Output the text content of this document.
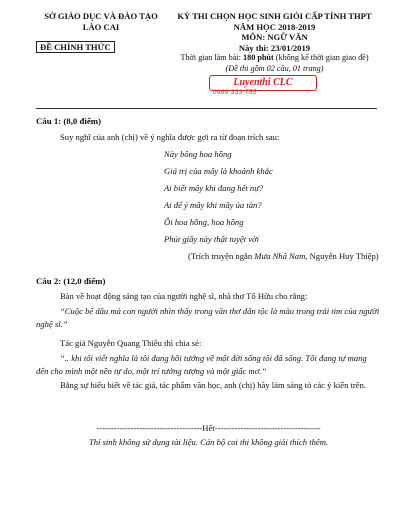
SỞ GIÁO DỤC VÀ ĐÀO TẠO
LÀO CAI
ĐỀ CHÍNH THỨC
KỲ THI CHỌN HỌC SINH GIỎI CẤP TỈNH THPT
NĂM HỌC 2018-2019
MÔN: NGỮ VĂN
Này thi: 23/01/2019
Thời gian làm bài: 180 phút (không kể thời gian giao đề)
(Đề thi gồm 02 câu, 01 trang)
Luyenthi CLC
0969 333 755
Câu 1: (8,0 điểm)
Suy nghĩ của anh (chị) về ý nghĩa được gợi ra từ đoạn trích sau:
Này bông hoa hồng
Giá trị của mây là khoảnh khắc
Ai biết mây khi đang hết nự?
Ai để ý mây khi mây úa tàn?
Ôi hoa hồng, hoa hồng
Phút giây này thật tuyệt vời
(Trích truyện ngắn Mưa Nhã Nam, Nguyễn Huy Thiệp)
Câu 2: (12,0 điểm)
Bàn về hoạt động sáng tạo của người nghệ sĩ, nhà thơ Tố Hữu cho rằng:
“Cuộc bể dâu mà con người nhìn thấy trong văn thơ dân tộc là màu trong trái tim của người nghệ sĩ.”
Tác giả Nguyễn Quang Thiều thì chia sẻ:
“.. khi tôi viết nghĩa là tôi đang hồi tưởng về một đời sống tôi đã sống. Tôi đang tự mang đến cho mình một nền tự do, một trí tưởng tượng và một giấc mơ.”
Bằng sự hiểu biết về tác giả, tác phẩm văn học, anh (chị) hãy làm sáng tỏ các ý kiến trên.
-------------------------------------Hết-------------------------------------
Thí sinh không sử dụng tài liệu. Cán bộ coi thi không giải thích thêm.
